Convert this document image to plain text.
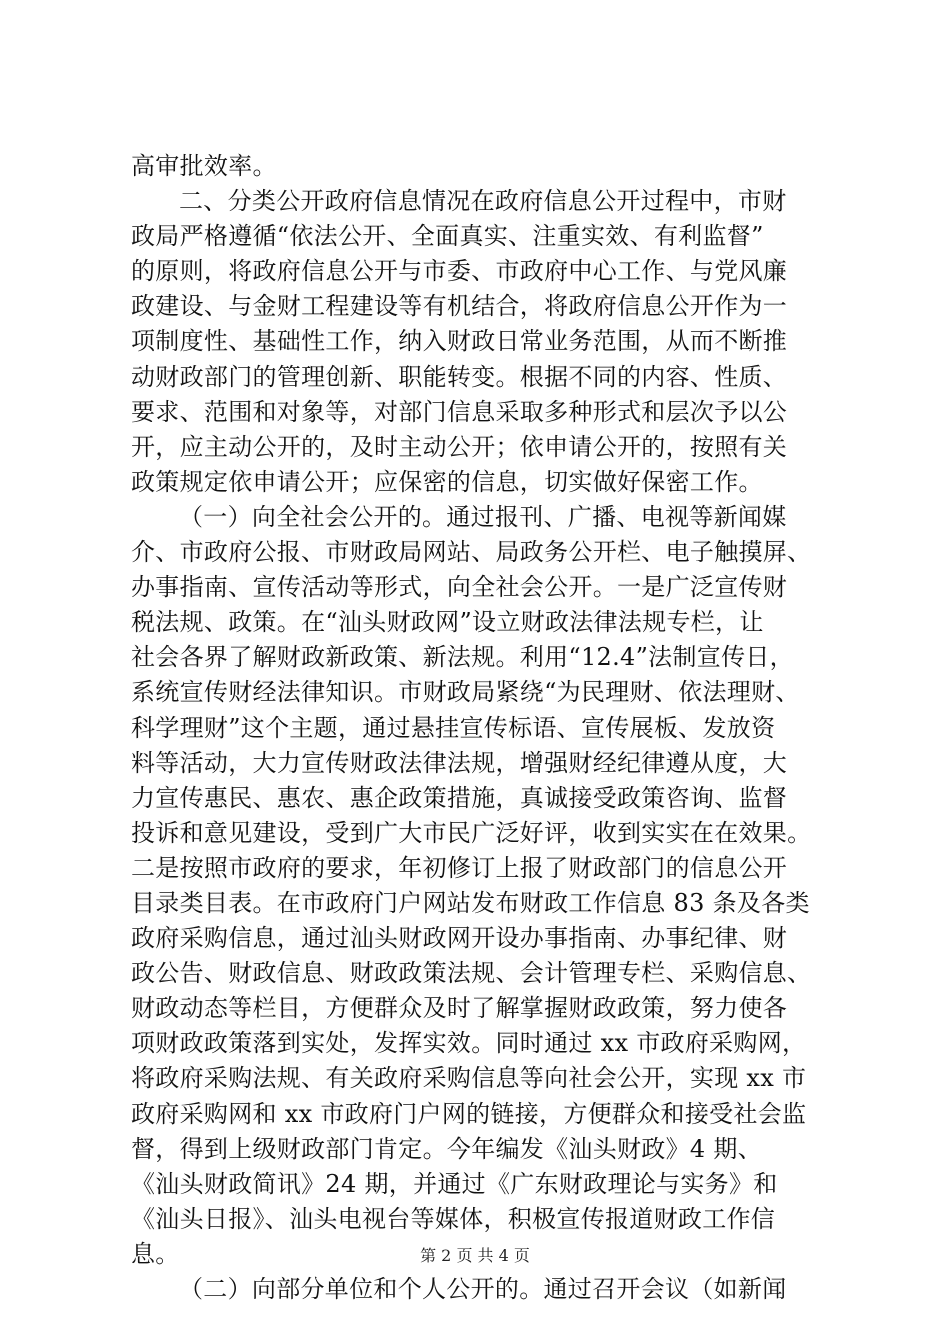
高审批效率。
二、分类公开政府信息情况在政府信息公开过程中，市财
政局严格遵循“依法公开、全面真实、注重实效、有利监督”
的原则，将政府信息公开与市委、市政府中心工作、与党风廉
政建设、与金财工程建设等有机结合，将政府信息公开作为一
项制度性、基础性工作，纳入财政日常业务范围，从而不断推
动财政部门的管理创新、职能转变。根据不同的内容、性质、
要求、范围和对象等，对部门信息采取多种形式和层次予以公
开，应主动公开的，及时主动公开；依申请公开的，按照有关
政策规定依申请公开；应保密的信息，切实做好保密工作。
（一）向全社会公开的。通过报刊、广播、电视等新闻媒
介、市政府公报、市财政局网站、局政务公开栏、电子触摸屏、
办事指南、宣传活动等形式，向全社会公开。一是广泛宣传财
税法规、政策。在“汕头财政网”设立财政法律法规专栏，让
社会各界了解财政新政策、新法规。利用“12.4”法制宣传日，
系统宣传财经法律知识。市财政局紧绕“为民理财、依法理财、
科学理财”这个主题，通过悬挂宣传标语、宣传展板、发放资
料等活动，大力宣传财政法律法规，增强财经纪律遵从度，大
力宣传惠民、惠农、惠企政策措施，真诚接受政策咨询、监督
投诉和意见建设，受到广大市民广泛好评，收到实实在在效果。
二是按照市政府的要求，年初修订上报了财政部门的信息公开
目录类目表。在市政府门户网站发布财政工作信息 83 条及各类
政府采购信息，通过汕头财政网开设办事指南、办事纪律、财
政公告、财政信息、财政政策法规、会计管理专栏、采购信息、
财政动态等栏目，方便群众及时了解掌握财政政策，努力使各
项财政政策落到实处，发挥实效。同时通过 xx 市政府采购网，
将政府采购法规、有关政府采购信息等向社会公开，实现 xx 市
政府采购网和 xx 市政府门户网的链接，方便群众和接受社会监
督，得到上级财政部门肯定。今年编发《汕头财政》4 期、
《汕头财政简讯》24 期，并通过《广东财政理论与实务》和
《汕头日报》、汕头电视台等媒体，积极宣传报道财政工作信
息。
（二）向部分单位和个人公开的。通过召开会议（如新闻
第 2 页 共 4 页
